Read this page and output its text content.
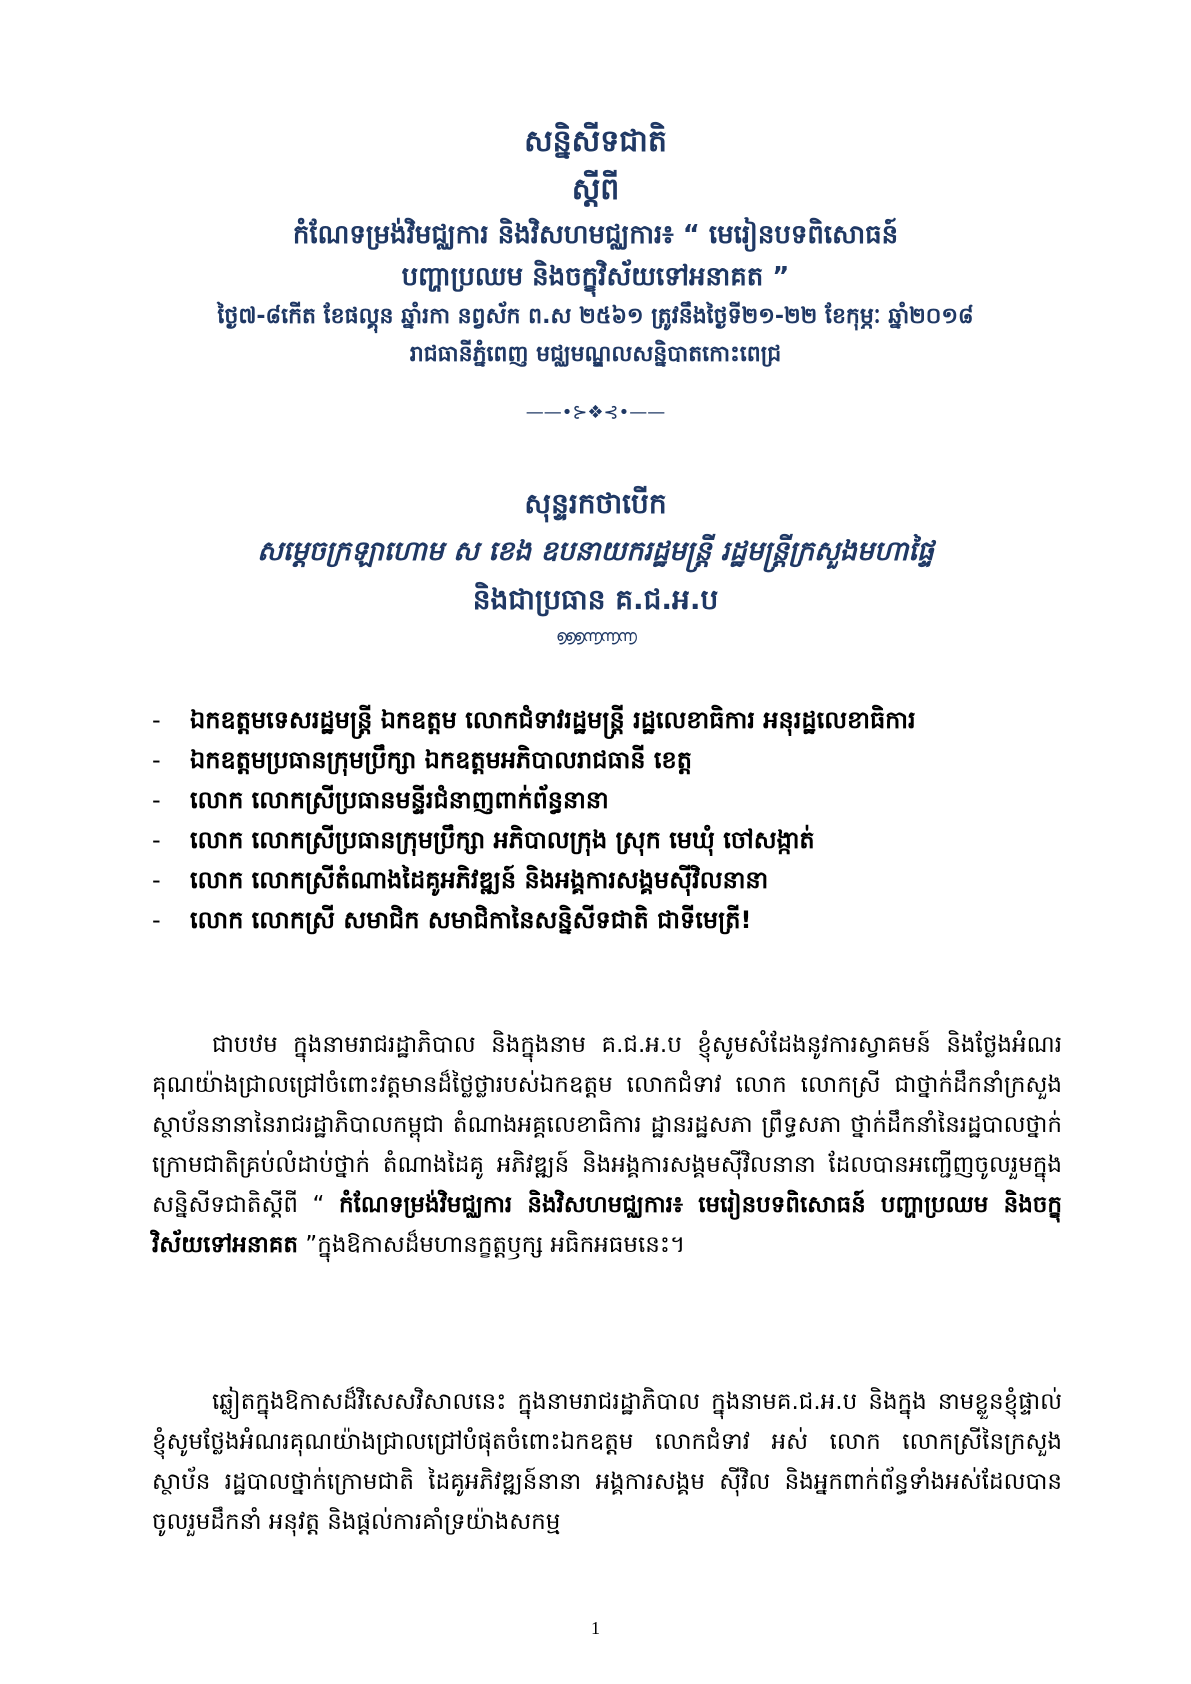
សន្និសីទជាតិ
ស្តីពី
កំណែទម្រង់វិមជ្ឈការ និងវិសហមជ្ឈការ៖ “ មេរៀនបទពិសោធន៍
បញ្ហាប្រឈម និងចក្ខុវិស័យទៅអនាគត ”
ថ្ងៃ៧-៨កើត ខែផល្គុន ឆ្នាំរកា នព្វស័ក ព.ស ២៥៦១ ត្រូវនឹងថ្ងៃទី២១-២២ ខែកុម្ភៈ ឆ្នាំ២០១៨
រាជធានីភ្នំពេញ មជ្ឈមណ្ឌលសន្និបាតកោះពេជ្រ
——•⊱❖⊰•——
សុន្ទរកថាបើក
សម្តេចក្រឡាហោម ស ខេង ឧបនាយករដ្ឋមន្ត្រី រដ្ឋមន្ត្រីក្រសួងមហាផ្ទៃ
និងជាប្រធាន គ.ជ.អ.ប
൭൭൭൬൬൬
- ឯកឧត្តមទេសរដ្ឋមន្ត្រី ឯកឧត្តម លោកជំទាវរដ្ឋមន្ត្រី រដ្ឋលេខាធិការ អនុរដ្ឋលេខាធិការ
- ឯកឧត្តមប្រធានក្រុមប្រឹក្សា ឯកឧត្តមអភិបាលរាជធានី ខេត្ត
- លោក លោកស្រីប្រធានមន្ទីរជំនាញពាក់ព័ន្ធនានា
- លោក លោកស្រីប្រធានក្រុមប្រឹក្សា អភិបាលក្រុង ស្រុក មេឃុំ ចៅសង្កាត់
- លោក លោកស្រីតំណាងដៃគូអភិវឌ្ឍន៍ និងអង្គការសង្គមស៊ីវិលនានា
- លោក លោកស្រី សមាជិក សមាជិកានៃសន្និសីទជាតិ ជាទីមេត្រី!

ជាបឋម ក្នុងនាមរាជរដ្ឋាភិបាល និងក្នុងនាម គ.ជ.អ.ប ខ្ញុំសូមសំដែងនូវការស្វាគមន៍ និងថ្លែងអំណរគុណយ៉ាងជ្រាលជ្រៅចំពោះវត្តមានដ៏ថ្លៃថ្លារបស់ឯកឧត្តម លោកជំទាវ លោក លោកស្រី ជាថ្នាក់ដឹកនាំក្រសួង ស្ថាប័ននានានៃរាជរដ្ឋាភិបាលកម្ពុជា តំណាងអគ្គលេខាធិការ ដ្ឋានរដ្ឋសភា ព្រឹទ្ធសភា ថ្នាក់ដឹកនាំនៃរដ្ឋបាលថ្នាក់ក្រោមជាតិគ្រប់លំដាប់ថ្នាក់ តំណាងដៃគូ អភិវឌ្ឍន៍ និងអង្គការសង្គមស៊ីវិលនានា ដែលបានអញ្ជើញចូលរួមក្នុងសន្និសីទជាតិស្តីពី “ កំណែទម្រង់វិមជ្ឈការ និងវិសហមជ្ឈការ៖ មេរៀនបទពិសោធន៍ បញ្ហាប្រឈម និងចក្ខុវិស័យទៅអនាគត ”ក្នុងឱកាសដ៏មហានក្ខត្តឫក្ស អធិកអធមនេះ។

ឆ្លៀតក្នុងឱកាសដ៏វិសេសវិសាលនេះ ក្នុងនាមរាជរដ្ឋាភិបាល ក្នុងនាមគ.ជ.អ.ប និងក្នុង នាមខ្លួនខ្ញុំផ្ទាល់ ខ្ញុំសូមថ្លែងអំណរគុណយ៉ាងជ្រាលជ្រៅបំផុតចំពោះឯកឧត្តម លោកជំទាវ អស់ លោក លោកស្រីនៃក្រសួង ស្ថាប័ន រដ្ឋបាលថ្នាក់ក្រោមជាតិ ដៃគូអភិវឌ្ឍន៍នានា អង្គការសង្គម ស៊ីវិល និងអ្នកពាក់ព័ន្ធទាំងអស់ដែលបានចូលរួមដឹកនាំ អនុវត្ត និងផ្តល់ការគាំទ្រយ៉ាងសកម្ម

1
